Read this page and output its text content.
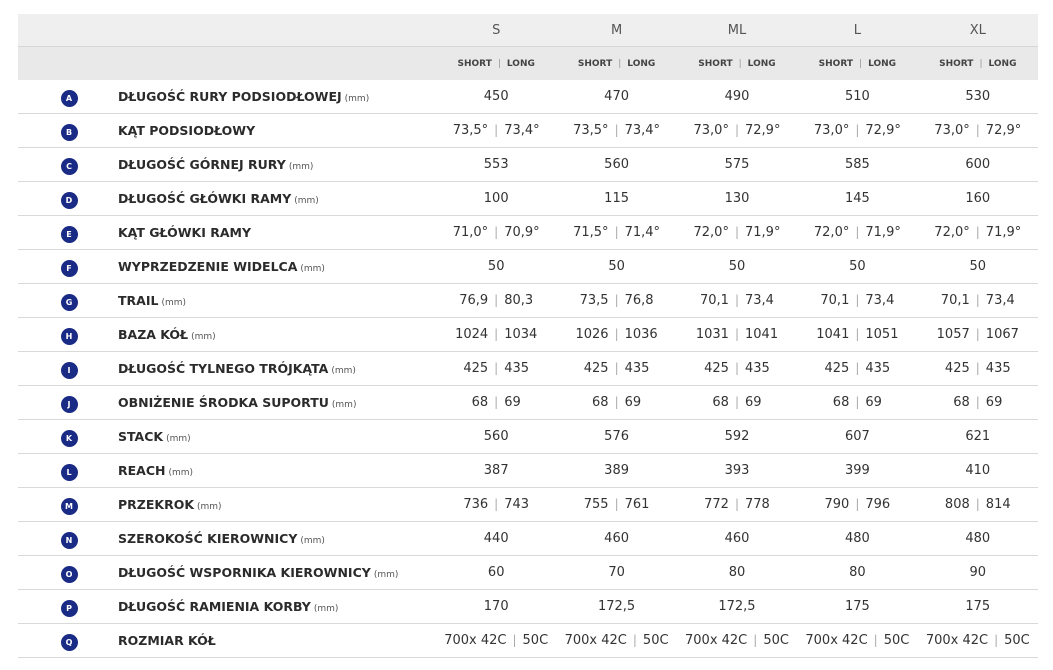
		S	M	ML	L	XL
		SHORT | LONG	SHORT | LONG	SHORT | LONG	SHORT | LONG	SHORT | LONG
A	DŁUGOŚĆ RURY PODSIODŁOWEJ (mm)	450	470	490	510	530
B	KĄT PODSIODŁOWY	73,5° | 73,4°	73,5° | 73,4°	73,0° | 72,9°	73,0° | 72,9°	73,0° | 72,9°
C	DŁUGOŚĆ GÓRNEJ RURY (mm)	553	560	575	585	600
D	DŁUGOŚĆ GŁÓWKI RAMY (mm)	100	115	130	145	160
E	KĄT GŁÓWKI RAMY	71,0° | 70,9°	71,5° | 71,4°	72,0° | 71,9°	72,0° | 71,9°	72,0° | 71,9°
F	WYPRZEDZENIE WIDELCA (mm)	50	50	50	50	50
G	TRAIL (mm)	76,9 | 80,3	73,5 | 76,8	70,1 | 73,4	70,1 | 73,4	70,1 | 73,4
H	BAZA KÓŁ (mm)	1024 | 1034	1026 | 1036	1031 | 1041	1041 | 1051	1057 | 1067
I	DŁUGOŚĆ TYLNEGO TRÓJKĄTA (mm)	425 | 435	425 | 435	425 | 435	425 | 435	425 | 435
J	OBNIŻENIE ŚRODKA SUPORTU (mm)	68 | 69	68 | 69	68 | 69	68 | 69	68 | 69
K	STACK (mm)	560	576	592	607	621
L	REACH (mm)	387	389	393	399	410
M	PRZEKROK (mm)	736 | 743	755 | 761	772 | 778	790 | 796	808 | 814
N	SZEROKOŚĆ KIEROWNICY (mm)	440	460	460	480	480
O	DŁUGOŚĆ WSPORNIKA KIEROWNICY (mm)	60	70	80	80	90
P	DŁUGOŚĆ RAMIENIA KORBY (mm)	170	172,5	172,5	175	175
Q	ROZMIAR KÓŁ	700x 42C | 50C	700x 42C | 50C	700x 42C | 50C	700x 42C | 50C	700x 42C | 50C
